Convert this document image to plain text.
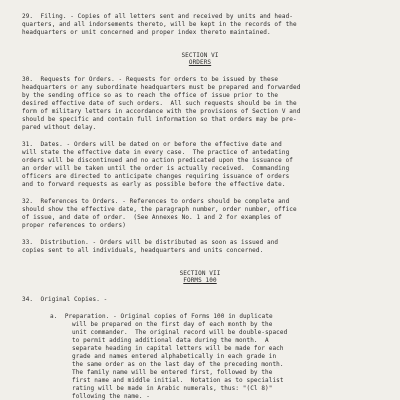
29.  Filing. - Copies of all letters sent and received by units and head-
quarters, and all indorsements thereto, will be kept in the records of the
headquarters or unit concerned and proper index thereto maintained.
SECTION VI
ORDERS
30.  Requests for Orders. - Requests for orders to be issued by these
headquarters or any subordinate headquarters must be prepared and forwarded
by the sending office so as to reach the office of issue prior to the
desired effective date of such orders.  All such requests should be in the
form of military letters in accordance with the provisions of Section V and
should be specific and contain full information so that orders may be pre-
pared without delay.
31.  Dates. - Orders will be dated on or before the effective date and
will state the effective date in every case.  The practice of antedating
orders will be discontinued and no action predicated upon the issuance of
an order will be taken until the order is actually received.  Commanding
officers are directed to anticipate changes requiring issuance of orders
and to forward requests as early as possible before the effective date.
32.  References to Orders. - References to orders should be complete and
should show the effective date, the paragraph number, order number, office
of issue, and date of order.  (See Annexes No. 1 and 2 for examples of
proper references to orders)
33.  Distribution. - Orders will be distributed as soon as issued and
copies sent to all individuals, headquarters and units concerned.
SECTION VII
FORMS 100
34.  Original Copies. -
a.  Preparation. - Original copies of Forms 100 in duplicate
will be prepared on the first day of each month by the
unit commander.  The original record will be double-spaced
to permit adding additional data during the month.  A
separate heading in capital letters will be made for each
grade and names entered alphabetically in each grade in
the same order as on the last day of the preceding month.
The family name will be entered first, followed by the
first name and middle initial.  Notation as to specialist
rating will be made in Arabic numerals, thus: "(Cl 8)"
following the name. -
